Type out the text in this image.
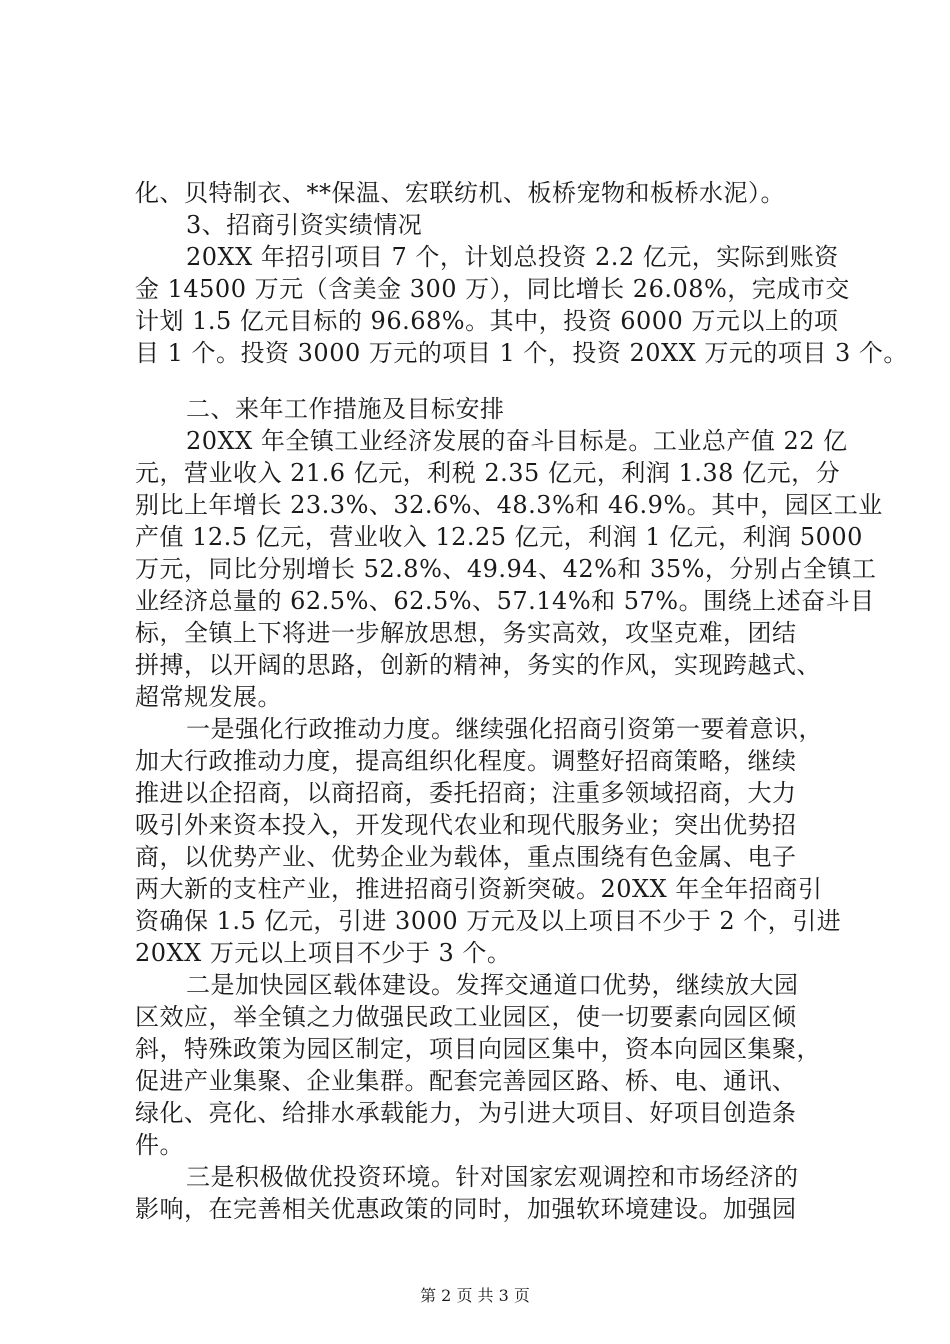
化、贝特制衣、**保温、宏联纺机、板桥宠物和板桥水泥）。
3、招商引资实绩情况
20XX 年招引项目 7 个，计划总投资 2.2 亿元，实际到账资
金 14500 万元（含美金 300 万），同比增长 26.08%，完成市交
计划 1.5 亿元目标的 96.68%。其中，投资 6000 万元以上的项
目 1 个。投资 3000 万元的项目 1 个，投资 20XX 万元的项目 3 个。
二、来年工作措施及目标安排
20XX 年全镇工业经济发展的奋斗目标是。工业总产值 22 亿
元，营业收入 21.6 亿元，利税 2.35 亿元，利润 1.38 亿元，分
别比上年增长 23.3%、32.6%、48.3%和 46.9%。其中，园区工业
产值 12.5 亿元，营业收入 12.25 亿元，利润 1 亿元，利润 5000
万元，同比分别增长 52.8%、49.94、42%和 35%，分别占全镇工
业经济总量的 62.5%、62.5%、57.14%和 57%。围绕上述奋斗目
标，全镇上下将进一步解放思想，务实高效，攻坚克难，团结
拼搏，以开阔的思路，创新的精神，务实的作风，实现跨越式、
超常规发展。
一是强化行政推动力度。继续强化招商引资第一要着意识，
加大行政推动力度，提高组织化程度。调整好招商策略，继续
推进以企招商，以商招商，委托招商；注重多领域招商，大力
吸引外来资本投入，开发现代农业和现代服务业；突出优势招
商，以优势产业、优势企业为载体，重点围绕有色金属、电子
两大新的支柱产业，推进招商引资新突破。20XX 年全年招商引
资确保 1.5 亿元，引进 3000 万元及以上项目不少于 2 个，引进
20XX 万元以上项目不少于 3 个。
二是加快园区载体建设。发挥交通道口优势，继续放大园
区效应，举全镇之力做强民政工业园区，使一切要素向园区倾
斜，特殊政策为园区制定，项目向园区集中，资本向园区集聚，
促进产业集聚、企业集群。配套完善园区路、桥、电、通讯、
绿化、亮化、给排水承载能力，为引进大项目、好项目创造条
件。
三是积极做优投资环境。针对国家宏观调控和市场经济的
影响，在完善相关优惠政策的同时，加强软环境建设。加强园
第 2 页 共 3 页
